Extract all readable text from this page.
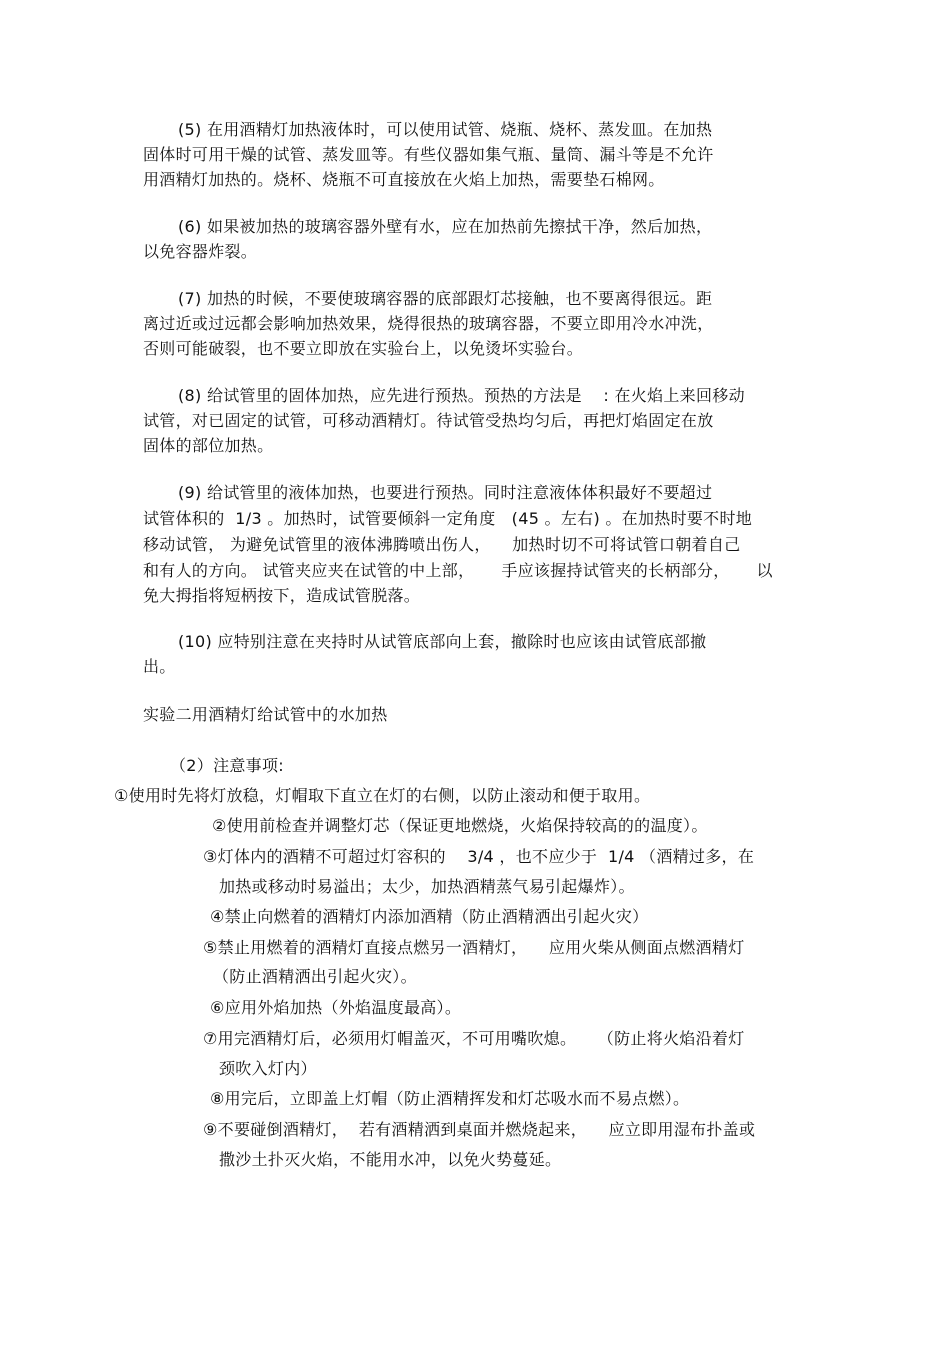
(5) 在用酒精灯加热液体时，可以使用试管、烧瓶、烧杯、蒸发皿。在加热
固体时可用干燥的试管、蒸发皿等。有些仪器如集气瓶、量筒、漏斗等是不允许
用酒精灯加热的。烧杯、烧瓶不可直接放在火焰上加热，需要垫石棉网。
(6) 如果被加热的玻璃容器外壁有水，应在加热前先擦拭干净，然后加热，
以免容器炸裂。
(7) 加热的时候，不要使玻璃容器的底部跟灯芯接触，也不要离得很远。距
离过近或过远都会影响加热效果，烧得很热的玻璃容器，不要立即用冷水冲洗，
否则可能破裂，也不要立即放在实验台上，以免烫坏实验台。
(8) 给试管里的固体加热，应先进行预热。预热的方法是    : 在火焰上来回移动
试管，对已固定的试管，可移动酒精灯。待试管受热均匀后，再把灯焰固定在放
固体的部位加热。
(9) 给试管里的液体加热，也要进行预热。同时注意液体体积最好不要超过
试管体积的  1/3 。加热时，试管要倾斜一定角度   (45 。左右) 。在加热时要不时地
移动试管， 为避免试管里的液体沸腾喷出伤人，    加热时切不可将试管口朝着自己
和有人的方向。 试管夹应夹在试管的中上部，     手应该握持试管夹的长柄部分，     以
免大拇指将短柄按下，造成试管脱落。
(10) 应特别注意在夹持时从试管底部向上套，撤除时也应该由试管底部撤
出。
实验二用酒精灯给试管中的水加热
（2）注意事项:
①使用时先将灯放稳，灯帽取下直立在灯的右侧，以防止滚动和便于取用。
②使用前检查并调整灯芯（保证更地燃烧，火焰保持较高的的温度）。
③灯体内的酒精不可超过灯容积的    3/4 ，也不应少于  1/4 （酒精过多，在
加热或移动时易溢出；太少，加热酒精蒸气易引起爆炸）。
④禁止向燃着的酒精灯内添加酒精（防止酒精洒出引起火灾）
⑤禁止用燃着的酒精灯直接点燃另一酒精灯，    应用火柴从侧面点燃酒精灯
（防止酒精洒出引起火灾）。
⑥应用外焰加热（外焰温度最高）。
⑦用完酒精灯后，必须用灯帽盖灭，不可用嘴吹熄。    （防止将火焰沿着灯
颈吹入灯内）
⑧用完后，立即盖上灯帽（防止酒精挥发和灯芯吸水而不易点燃）。
⑨不要碰倒酒精灯，  若有酒精洒到桌面并燃烧起来，    应立即用湿布扑盖或
撒沙土扑灭火焰，不能用水冲，以免火势蔓延。
